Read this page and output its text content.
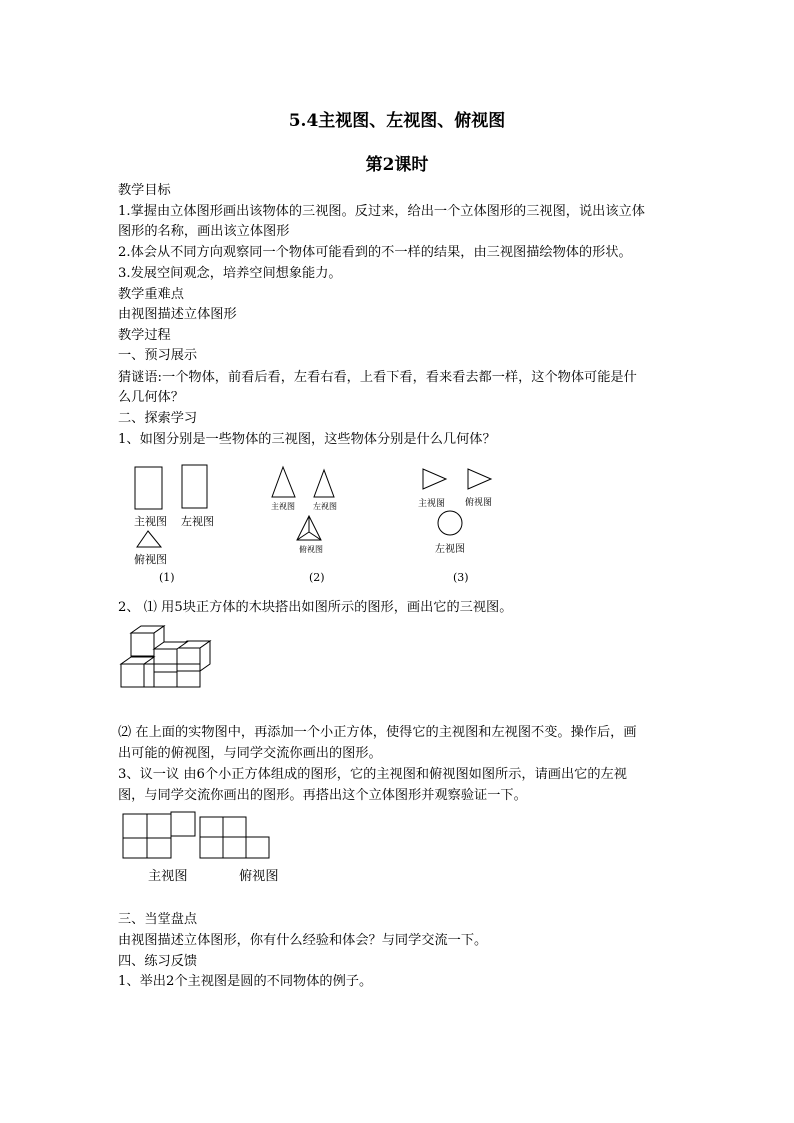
5.4主视图、左视图、俯视图
第2课时
教学目标
1.掌握由立体图形画出该物体的三视图。反过来，给出一个立体图形的三视图，说出该立体
图形的名称，画出该立体图形
2.体会从不同方向观察同一个物体可能看到的不一样的结果，由三视图描绘物体的形状。
3.发展空间观念，培养空间想象能力。
教学重难点
由视图描述立体图形
教学过程
一、预习展示
猜谜语:一个物体，前看后看，左看右看，上看下看，看来看去都一样，这个物体可能是什
么几何体？
二、探索学习
1、如图分别是一些物体的三视图，这些物体分别是什么几何体？
主视图 左视图
俯视图
主视图 左视图
俯视图
主视图 俯视图
左视图
(1)	(2)	(3)
2、 ⑴ 用5块正方体的木块搭出如图所示的图形，画出它的三视图。
⑵ 在上面的实物图中，再添加一个小正方体，使得它的主视图和左视图不变。操作后，画
出可能的俯视图，与同学交流你画出的图形。
3、议一议 由6个小正方体组成的图形，它的主视图和俯视图如图所示，请画出它的左视
图，与同学交流你画出的图形。再搭出这个立体图形并观察验证一下。
主视图	俯视图
三、当堂盘点
由视图描述立体图形，你有什么经验和体会？与同学交流一下。
四、练习反馈
1、举出2个主视图是圆的不同物体的例子。
